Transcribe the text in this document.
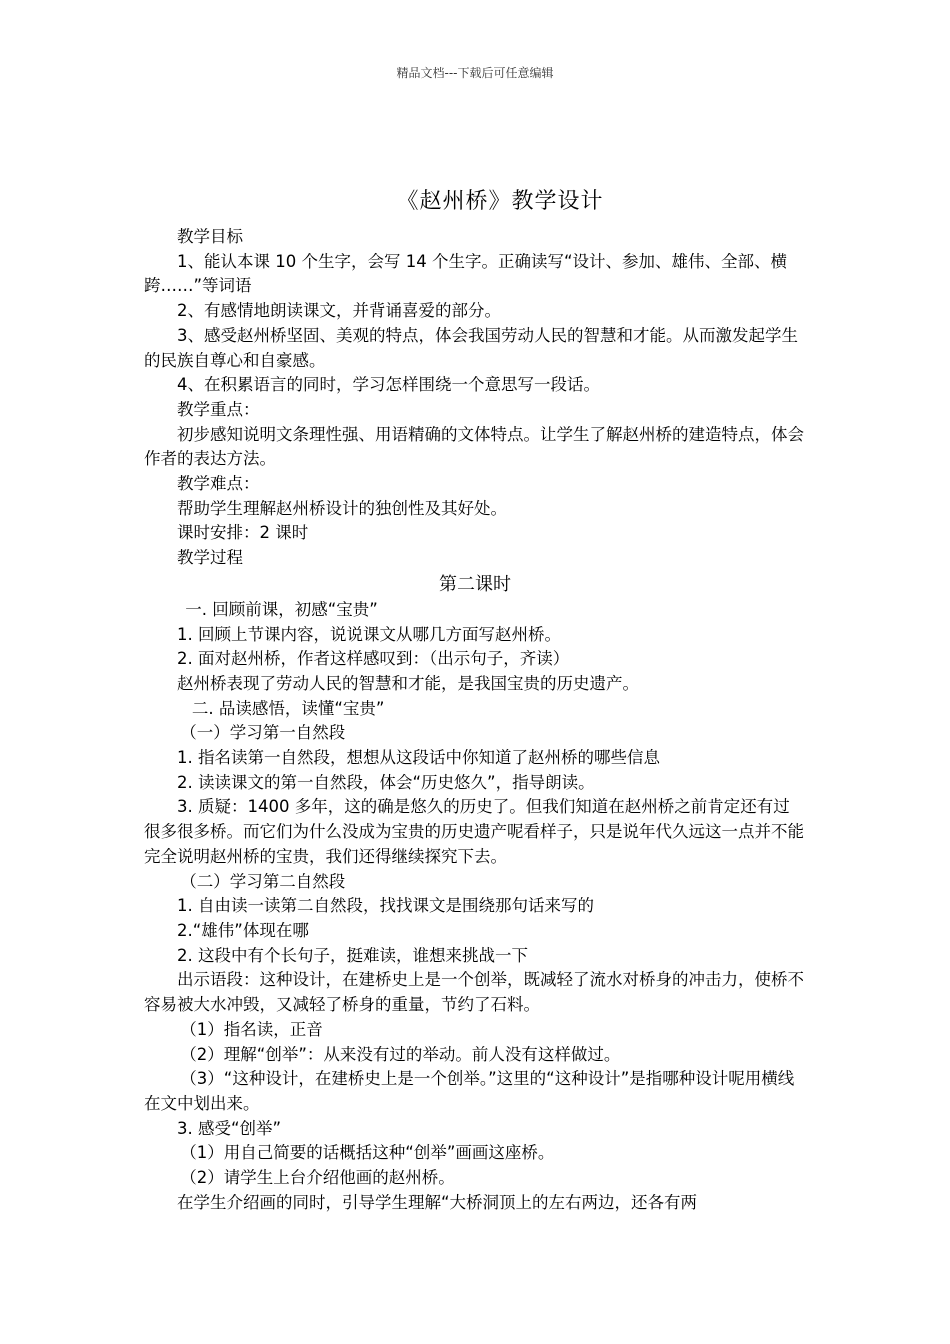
精品文档---下载后可任意编辑
《赵州桥》教学设计

教学目标

1、能认本课 10 个生字，会写 14 个生字。正确读写“设计、参加、雄伟、全部、横跨……”等词语

2、有感情地朗读课文，并背诵喜爱的部分。

3、感受赵州桥坚固、美观的特点，体会我国劳动人民的智慧和才能。从而激发起学生的民族自尊心和自豪感。

4、在积累语言的同时，学习怎样围绕一个意思写一段话。

教学重点：

初步感知说明文条理性强、用语精确的文体特点。让学生了解赵州桥的建造特点，体会作者的表达方法。

教学难点：

帮助学生理解赵州桥设计的独创性及其好处。

课时安排：2 课时

教学过程

第二课时

一. 回顾前课，初感“宝贵”

1. 回顾上节课内容，说说课文从哪几方面写赵州桥。

2. 面对赵州桥，作者这样感叹到：（出示句子，齐读）

赵州桥表现了劳动人民的智慧和才能，是我国宝贵的历史遗产。

二. 品读感悟，读懂“宝贵”

（一）学习第一自然段

1. 指名读第一自然段，想想从这段话中你知道了赵州桥的哪些信息

2. 读读课文的第一自然段，体会“历史悠久”，指导朗读。

3. 质疑：1400 多年，这的确是悠久的历史了。但我们知道在赵州桥之前肯定还有过很多很多桥。而它们为什么没成为宝贵的历史遗产呢看样子，只是说年代久远这一点并不能完全说明赵州桥的宝贵，我们还得继续探究下去。

（二）学习第二自然段

1. 自由读一读第二自然段，找找课文是围绕那句话来写的

2.“雄伟”体现在哪

2. 这段中有个长句子，挺难读，谁想来挑战一下

出示语段：这种设计，在建桥史上是一个创举，既减轻了流水对桥身的冲击力，使桥不容易被大水冲毁，又减轻了桥身的重量，节约了石料。

（1）指名读，正音

（2）理解“创举”：从来没有过的举动。前人没有这样做过。

（3）“这种设计，在建桥史上是一个创举。”这里的“这种设计”是指哪种设计呢用横线在文中划出来。

3. 感受“创举”

（1）用自己简要的话概括这种“创举”画画这座桥。

（2）请学生上台介绍他画的赵州桥。

在学生介绍画的同时，引导学生理解“大桥洞顶上的左右两边，还各有两
